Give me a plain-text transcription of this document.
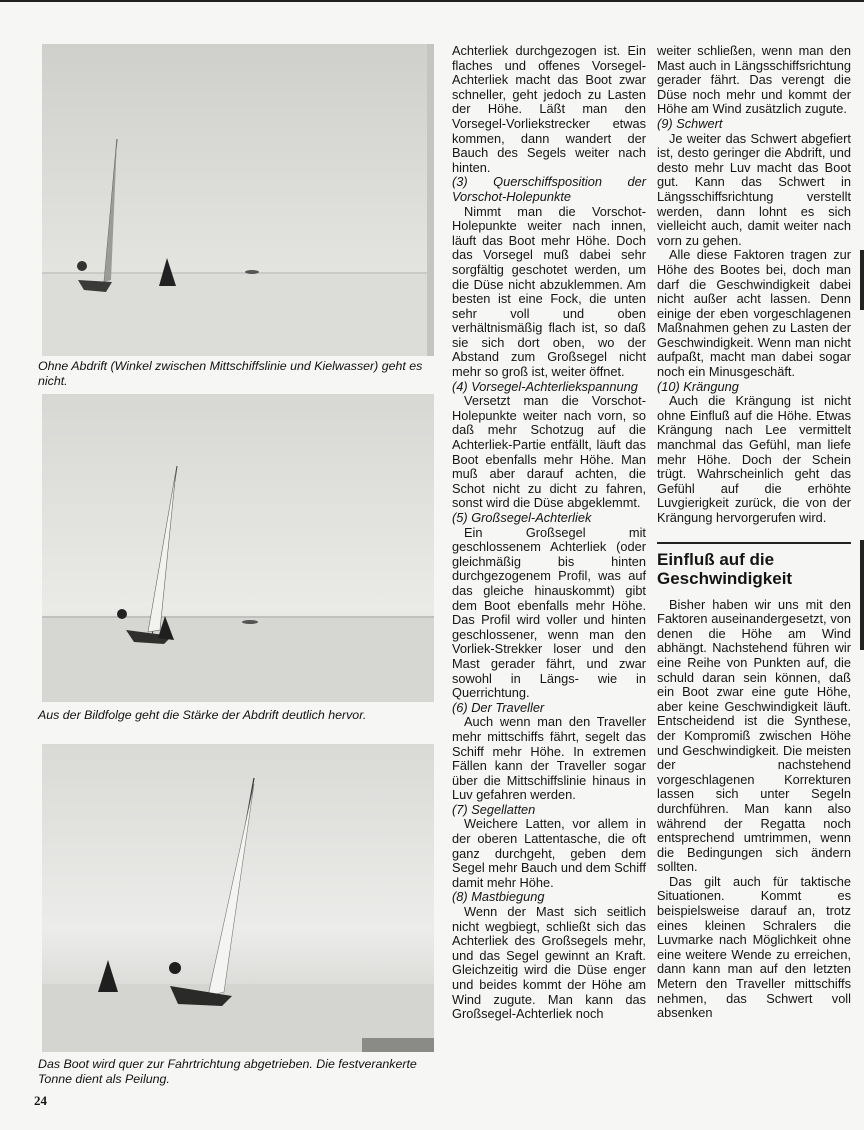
Ohne Abdrift (Winkel zwischen Mittschiffslinie und Kielwasser) geht es nicht.
Aus der Bildfolge geht die Stärke der Abdrift deutlich hervor.
Das Boot wird quer zur Fahrtrichtung abgetrieben. Die festverankerte Tonne dient als Peilung.

Achterliek durchgezogen ist. Ein flaches und offenes Vorsegel-Achterliek macht das Boot zwar schneller, geht jedoch zu Lasten der Höhe. Läßt man den Vorsegel-Vorliekstrecker etwas kommen, dann wandert der Bauch des Segels weiter nach hinten.

(3) Querschiffsposition der Vorschot-Holepunkte

Nimmt man die Vorschot-Holepunkte weiter nach innen, läuft das Boot mehr Höhe. Doch das Vorsegel muß dabei sehr sorgfältig geschotet werden, um die Düse nicht abzuklemmen. Am besten ist eine Fock, die unten sehr voll und oben verhältnismäßig flach ist, so daß sie sich dort oben, wo der Abstand zum Großsegel nicht mehr so groß ist, weiter öffnet.

(4) Vorsegel-Achterliekspannung

Versetzt man die Vorschot-Holepunkte weiter nach vorn, so daß mehr Schotzug auf die Achterliek-Partie entfällt, läuft das Boot ebenfalls mehr Höhe. Man muß aber darauf achten, die Schot nicht zu dicht zu fahren, sonst wird die Düse abgeklemmt.

(5) Großsegel-Achterliek

Ein Großsegel mit geschlossenem Achterliek (oder gleichmäßig bis hinten durchgezogenem Profil, was auf das gleiche hinauskommt) gibt dem Boot ebenfalls mehr Höhe. Das Profil wird voller und hinten geschlossener, wenn man den Vorliek-Strekker loser und den Mast gerader fährt, und zwar sowohl in Längs- wie in Querrichtung.

(6) Der Traveller

Auch wenn man den Traveller mehr mittschiffs fährt, segelt das Schiff mehr Höhe. In extremen Fällen kann der Traveller sogar über die Mittschiffslinie hinaus in Luv gefahren werden.

(7) Segellatten

Weichere Latten, vor allem in der oberen Lattentasche, die oft ganz durchgeht, geben dem Segel mehr Bauch und dem Schiff damit mehr Höhe.

(8) Mastbiegung

Wenn der Mast sich seitlich nicht wegbiegt, schließt sich das Achterliek des Großsegels mehr, und das Segel gewinnt an Kraft. Gleichzeitig wird die Düse enger und beides kommt der Höhe am Wind zugute. Man kann das Großsegel-Achterliek noch

weiter schließen, wenn man den Mast auch in Längsschiffsrichtung gerader fährt. Das verengt die Düse noch mehr und kommt der Höhe am Wind zusätzlich zugute.

(9) Schwert

Je weiter das Schwert abgefiert ist, desto geringer die Abdrift, und desto mehr Luv macht das Boot gut. Kann das Schwert in Längsschiffsrichtung verstellt werden, dann lohnt es sich vielleicht auch, damit weiter nach vorn zu gehen.

Alle diese Faktoren tragen zur Höhe des Bootes bei, doch man darf die Geschwindigkeit dabei nicht außer acht lassen. Denn einige der eben vorgeschlagenen Maßnahmen gehen zu Lasten der Geschwindigkeit. Wenn man nicht aufpaßt, macht man dabei sogar noch ein Minusgeschäft.

(10) Krängung

Auch die Krängung ist nicht ohne Einfluß auf die Höhe. Etwas Krängung nach Lee vermittelt manchmal das Gefühl, man liefe mehr Höhe. Doch der Schein trügt. Wahrscheinlich geht das Gefühl auf die erhöhte Luvgierigkeit zurück, die von der Krängung hervorgerufen wird.

Einfluß auf die Geschwindigkeit

Bisher haben wir uns mit den Faktoren auseinandergesetzt, von denen die Höhe am Wind abhängt. Nachstehend führen wir eine Reihe von Punkten auf, die schuld daran sein können, daß ein Boot zwar eine gute Höhe, aber keine Geschwindigkeit läuft. Entscheidend ist die Synthese, der Kompromiß zwischen Höhe und Geschwindigkeit. Die meisten der nachstehend vorgeschlagenen Korrekturen lassen sich unter Segeln durchführen. Man kann also während der Regatta noch entsprechend umtrimmen, wenn die Bedingungen sich ändern sollten.

Das gilt auch für taktische Situationen. Kommt es beispielsweise darauf an, trotz eines kleinen Schralers die Luvmarke nach Möglichkeit ohne eine weitere Wende zu erreichen, dann kann man auf den letzten Metern den Traveller mittschiffs nehmen, das Schwert voll absenken

24
